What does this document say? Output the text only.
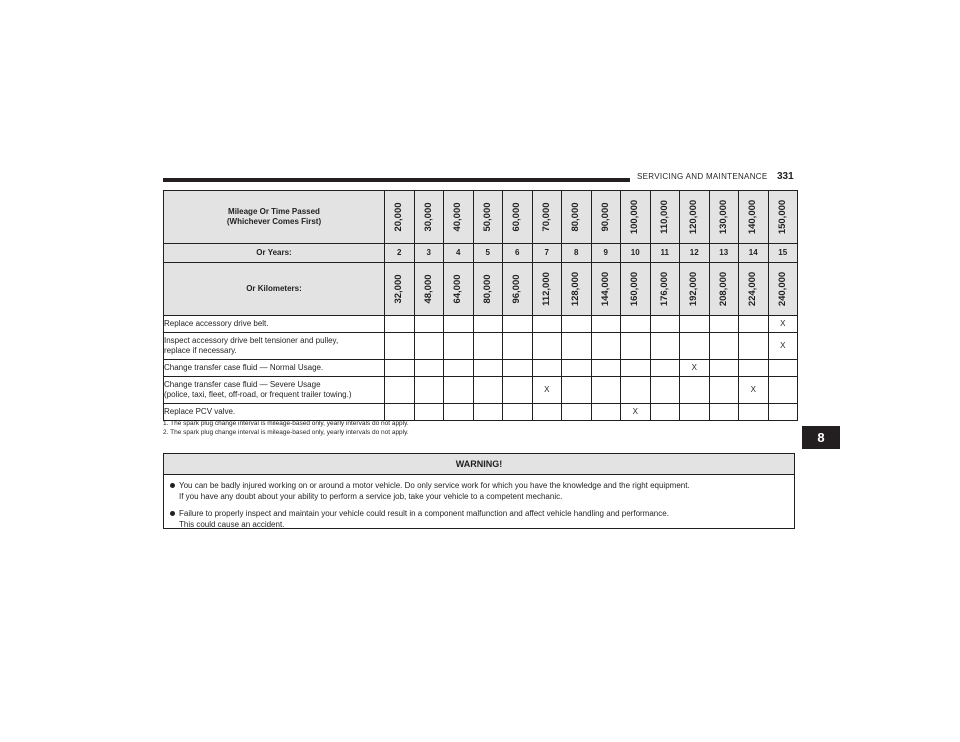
SERVICING AND MAINTENANCE 331
8
Mileage Or Time Passed
(Whichever Comes First)	20,000	30,000	40,000	50,000	60,000	70,000	80,000	90,000	100,000	110,000	120,000	130,000	140,000	150,000

Or Years:	2	3	4	5	6	7	8	9	10	11	12	13	14	15
Or Kilometers:	32,000	48,000	64,000	80,000	96,000	112,000	128,000	144,000	160,000	176,000	192,000	208,000	224,000	240,000

Replace accessory drive belt.														X

Inspect accessory drive belt tensioner and pulley,
replace if necessary.														X

Change transfer case fluid — Normal Usage.											X			

Change transfer case fluid — Severe Usage
(police, taxi, fleet, off-road, or frequent trailer towing.)						X							X	

Replace PCV valve.									X					
1. The spark plug change interval is mileage-based only, yearly intervals do not apply.
2. The spark plug change interval is mileage-based only, yearly intervals do not apply.
WARNING!
You can be badly injured working on or around a motor vehicle. Do only service work for which you have the knowledge and the right equipment.
If you have any doubt about your ability to perform a service job, take your vehicle to a competent mechanic.
Failure to properly inspect and maintain your vehicle could result in a component malfunction and affect vehicle handling and performance.
This could cause an accident.
